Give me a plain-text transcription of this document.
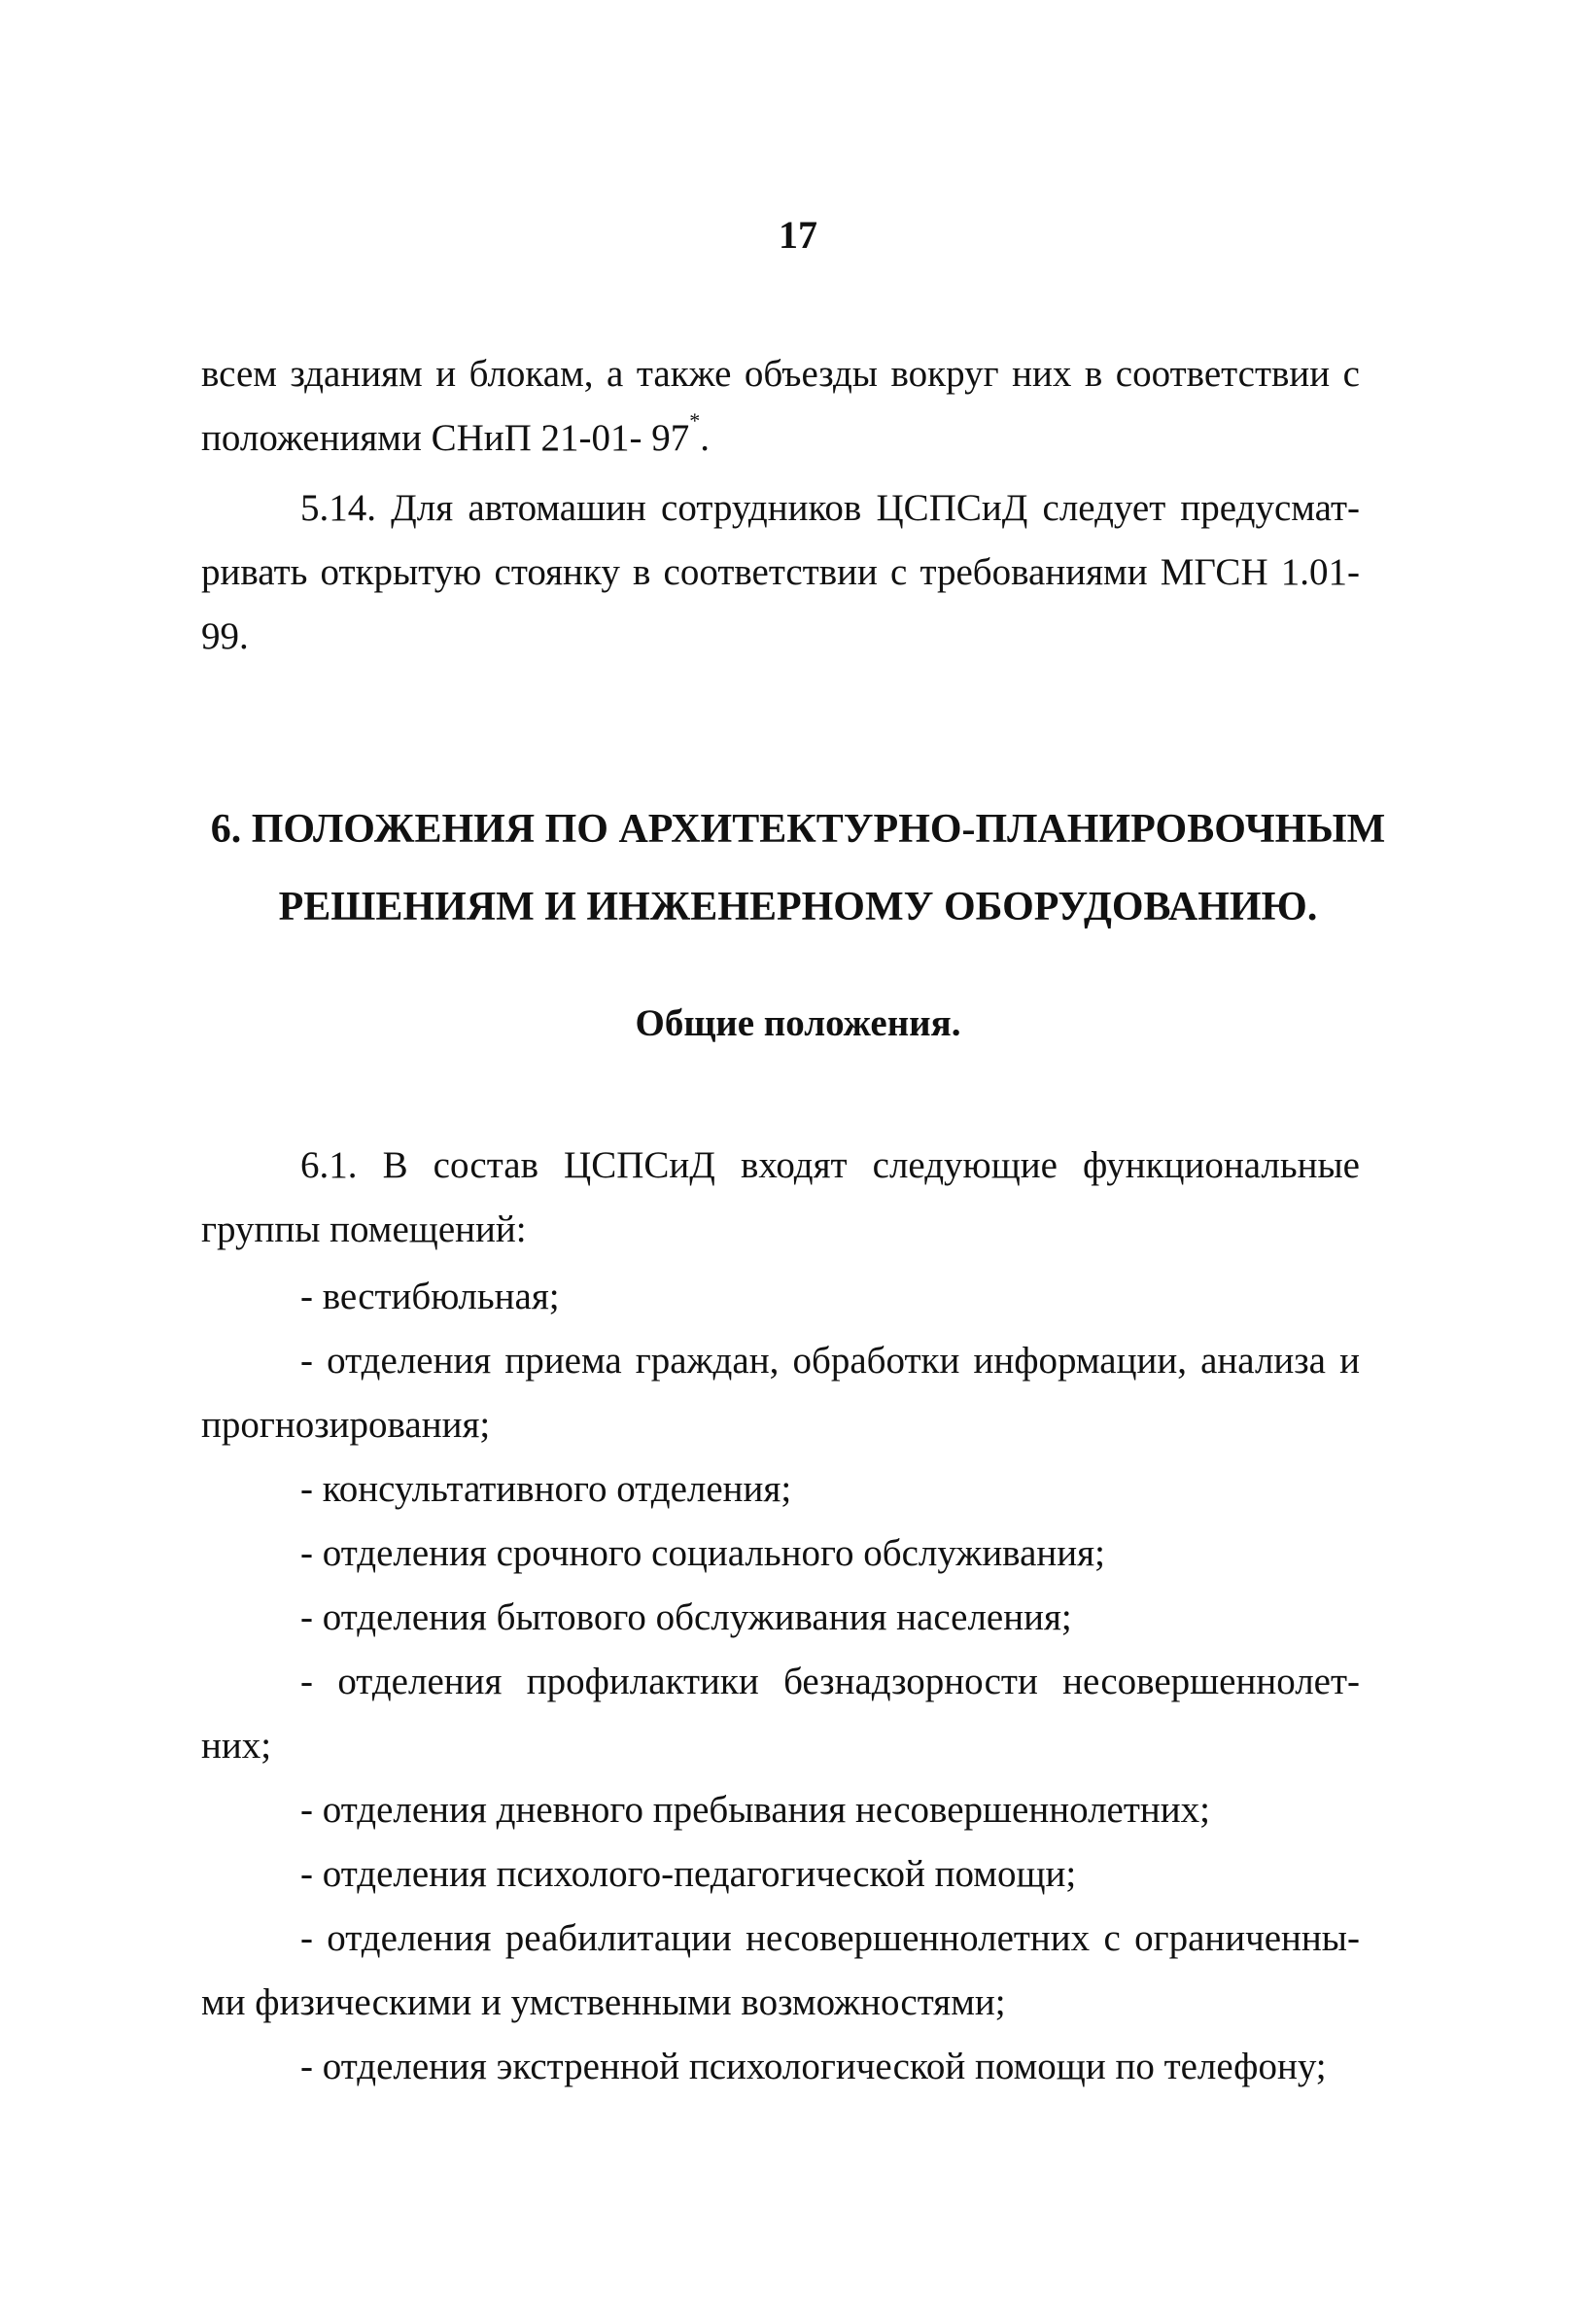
17
всем зданиям и блокам, а также объезды вокруг них в соответствии с
положениями СНиП 21-01- 97*.
5.14. Для автомашин сотрудников ЦСПСиД следует предусмат-
ривать открытую стоянку в соответствии с требованиями МГСН 1.01-
99.
6. ПОЛОЖЕНИЯ ПО АРХИТЕКТУРНО-ПЛАНИРОВОЧНЫМ
РЕШЕНИЯМ И ИНЖЕНЕРНОМУ ОБОРУДОВАНИЮ.
Общие положения.
6.1. В состав ЦСПСиД входят следующие функциональные
группы помещений:
- вестибюльная;
- отделения приема граждан, обработки информации, анализа и
прогнозирования;
- консультативного отделения;
- отделения срочного социального обслуживания;
- отделения бытового обслуживания населения;
- отделения профилактики безнадзорности несовершеннолет-
них;
- отделения дневного пребывания несовершеннолетних;
- отделения психолого-педагогической помощи;
- отделения реабилитации несовершеннолетних с ограниченны-
ми физическими и умственными возможностями;
- отделения экстренной психологической помощи по телефону;
